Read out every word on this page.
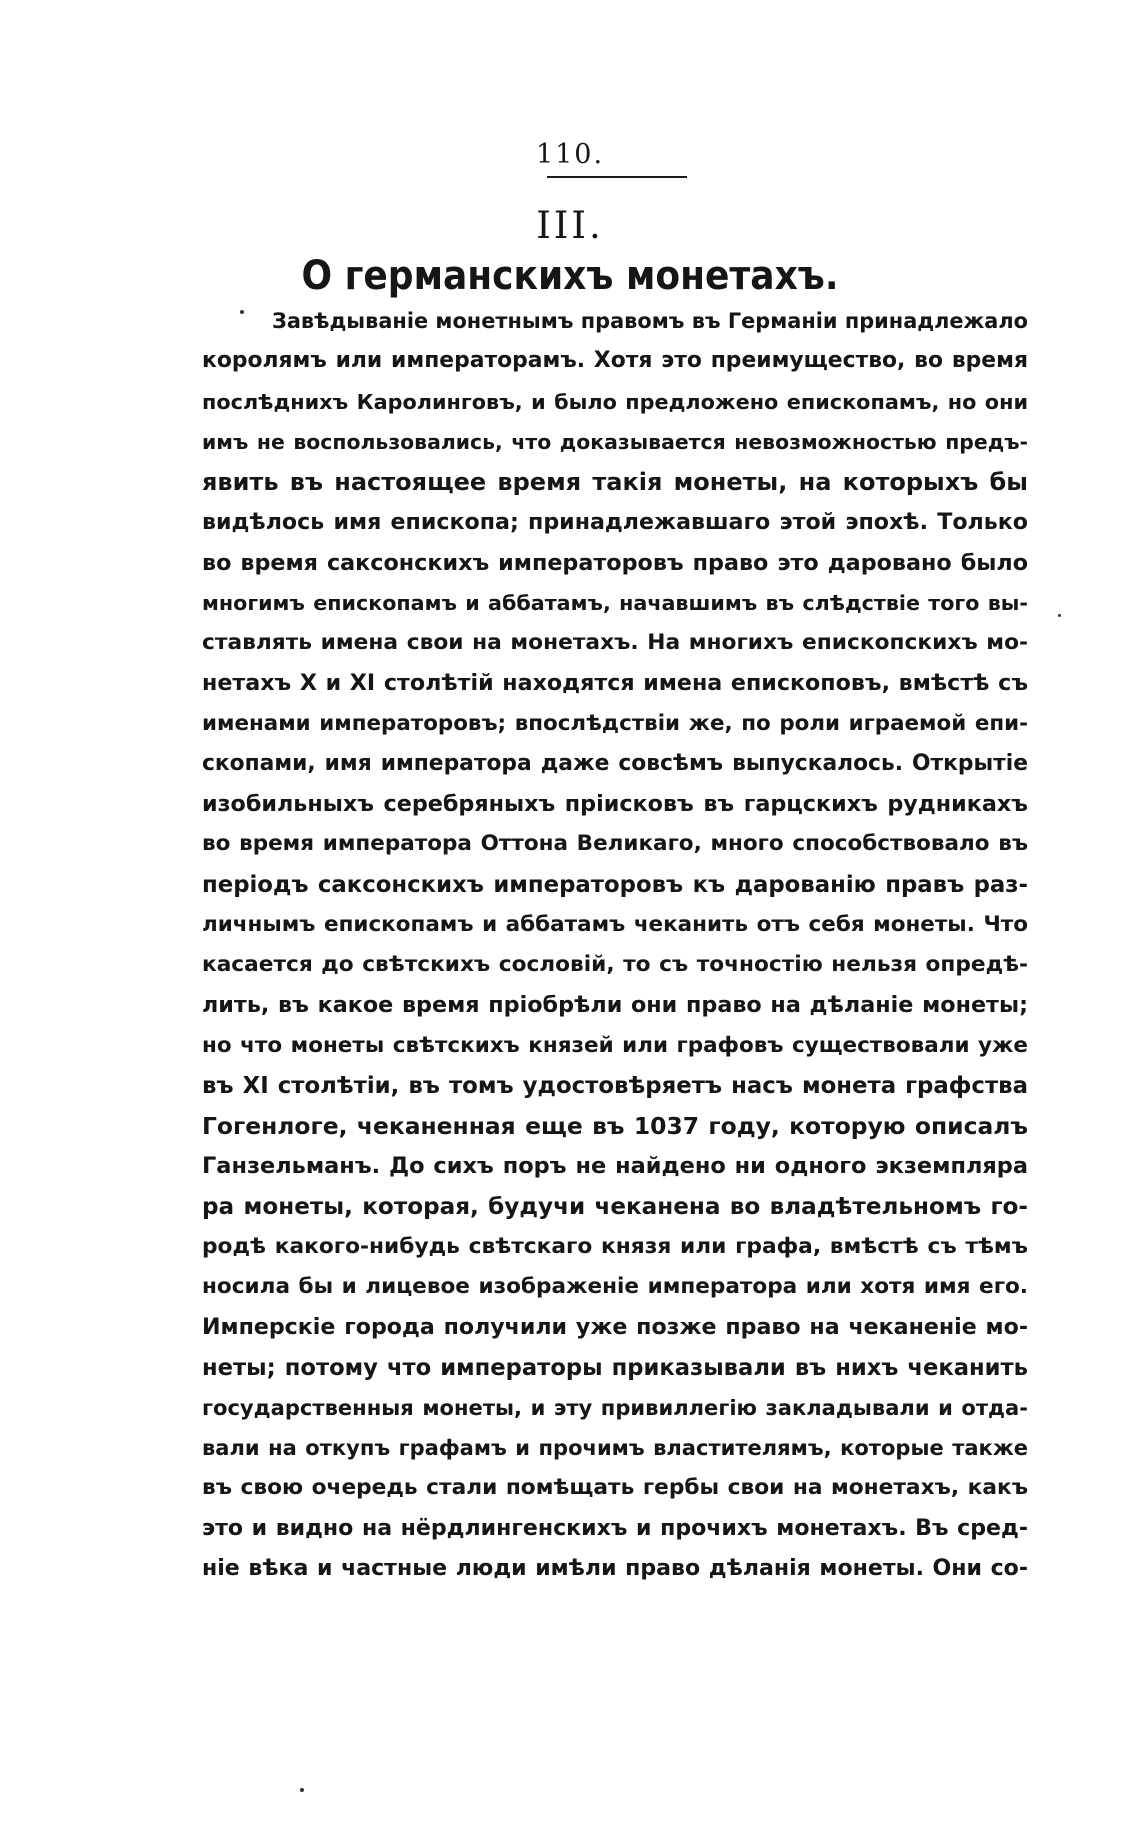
110.
III.
О германскихъ монетахъ.
Завѣдываніе монетнымъ правомъ въ Германіи принадлежало
королямъ или императорамъ. Хотя это преимущество, во время
послѣднихъ Каролинговъ, и было предложено епископамъ, но они
имъ не воспользовались, что доказывается невозможностью предъ-
явить въ настоящее время такія монеты, на которыхъ бы
видѣлось имя епископа; принадлежавшаго этой эпохѣ. Только
во время саксонскихъ императоровъ право это даровано было
многимъ епископамъ и аббатамъ, начавшимъ въ слѣдствіе того вы-
ставлять имена свои на монетахъ. На многихъ епископскихъ мо-
нетахъ X и XI столѣтій находятся имена епископовъ, вмѣстѣ съ
именами императоровъ; впослѣдствіи же, по роли играемой епи-
скопами, имя императора даже совсѣмъ выпускалось. Открытіе
изобильныхъ серебряныхъ пріисковъ въ гарцскихъ рудникахъ
во время императора Оттона Великаго, много способствовало въ
періодъ саксонскихъ императоровъ къ дарованію правъ раз-
личнымъ епископамъ и аббатамъ чеканить отъ себя монеты. Что
касается до свѣтскихъ сословій, то съ точностію нельзя опредѣ-
лить, въ какое время пріобрѣли они право на дѣланіе монеты;
но что монеты свѣтскихъ князей или графовъ существовали уже
въ XI столѣтіи, въ томъ удостовѣряетъ насъ монета графства
Гогенлоге, чеканенная еще въ 1037 году, которую описалъ
Ганзельманъ. До сихъ поръ не найдено ни одного экземпляра
ра монеты, которая, будучи чеканена во владѣтельномъ го-
родѣ какого-нибудь свѣтскаго князя или графа, вмѣстѣ съ тѣмъ
носила бы и лицевое изображеніе императора или хотя имя его.
Имперскіе города получили уже позже право на чеканеніе мо-
неты; потому что императоры приказывали въ нихъ чеканить
государственныя монеты, и эту привиллегію закладывали и отда-
вали на откупъ графамъ и прочимъ властителямъ, которые также
въ свою очередь стали помѣщать гербы свои на монетахъ, какъ
это и видно на нёрдлингенскихъ и прочихъ монетахъ. Въ сред-
ніе вѣка и частные люди имѣли право дѣланія монеты. Они со-
